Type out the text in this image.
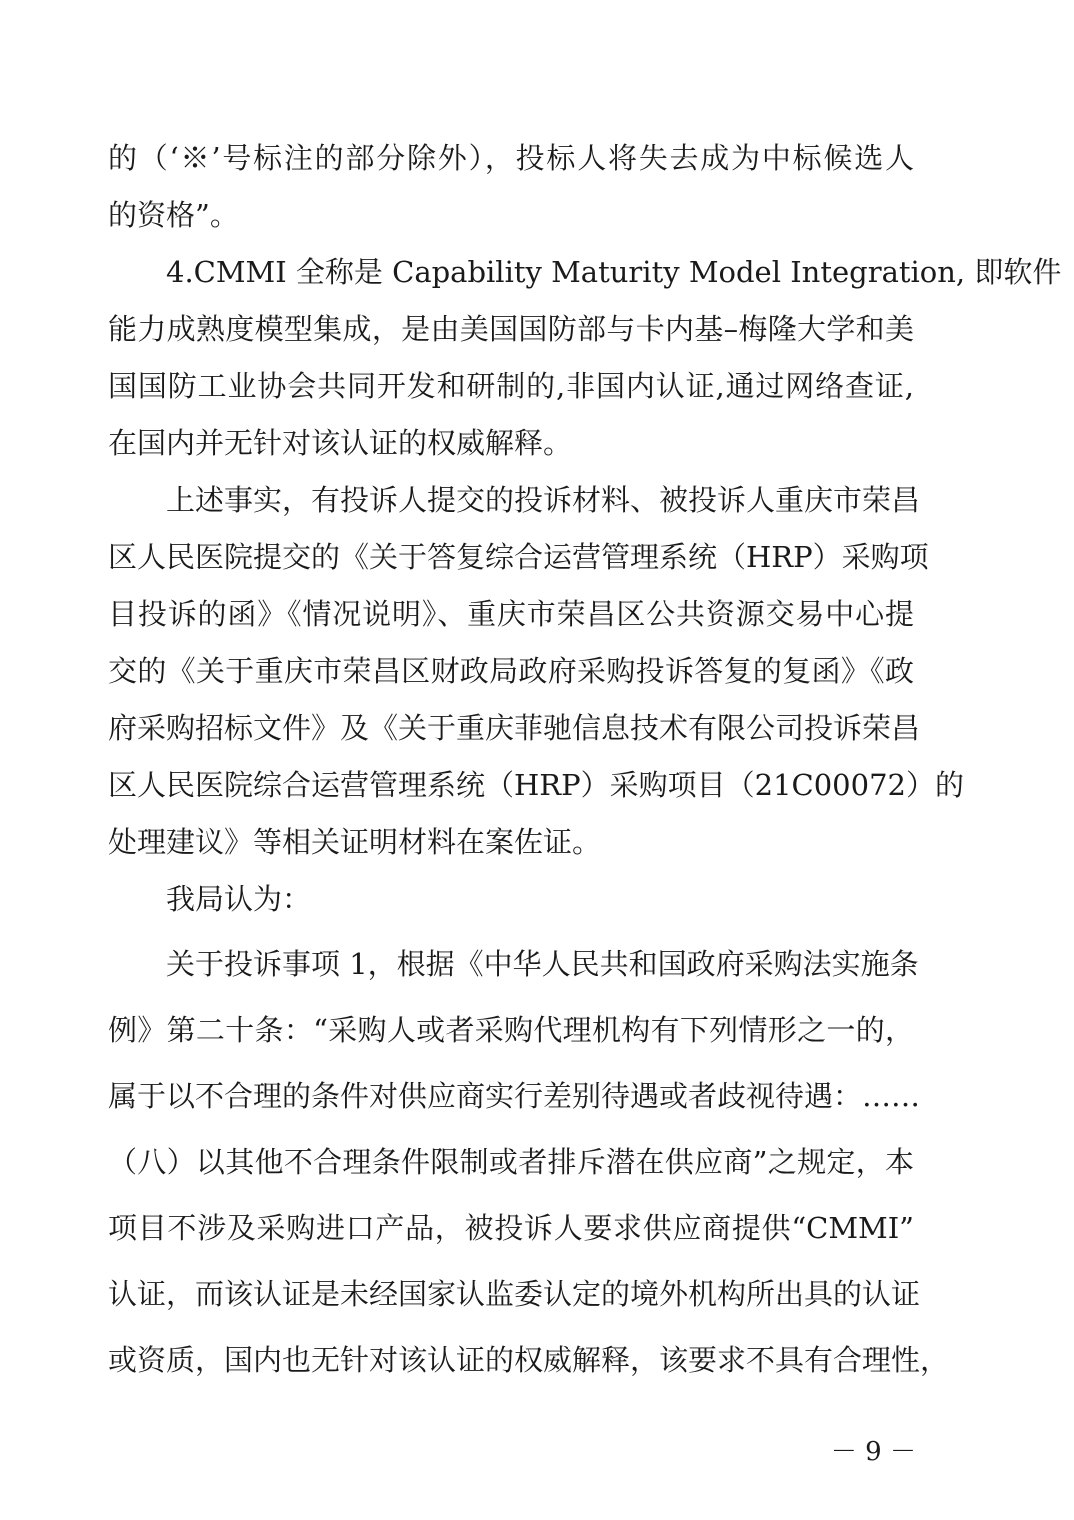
的（‘※’号标注的部分除外），投标人将失去成为中标候选人
的资格”。
4.CMMI 全称是 Capability Maturity Model Integration, 即软件
能力成熟度模型集成，是由美国国防部与卡内基–梅隆大学和美
国国防工业协会共同开发和研制的,非国内认证,通过网络查证,
在国内并无针对该认证的权威解释。
上述事实，有投诉人提交的投诉材料、被投诉人重庆市荣昌
区人民医院提交的《关于答复综合运营管理系统（HRP）采购项
目投诉的函》《情况说明》、重庆市荣昌区公共资源交易中心提
交的《关于重庆市荣昌区财政局政府采购投诉答复的复函》《政
府采购招标文件》及《关于重庆菲驰信息技术有限公司投诉荣昌
区人民医院综合运营管理系统（HRP）采购项目（21C00072）的
处理建议》等相关证明材料在案佐证。
我局认为：
关于投诉事项 1，根据《中华人民共和国政府采购法实施条
例》第二十条：“采购人或者采购代理机构有下列情形之一的，
属于以不合理的条件对供应商实行差别待遇或者歧视待遇：……
（八）以其他不合理条件限制或者排斥潜在供应商”之规定，本
项目不涉及采购进口产品，被投诉人要求供应商提供“CMMI”
认证，而该认证是未经国家认监委认定的境外机构所出具的认证
或资质，国内也无针对该认证的权威解释，该要求不具有合理性，
－ 9 －
